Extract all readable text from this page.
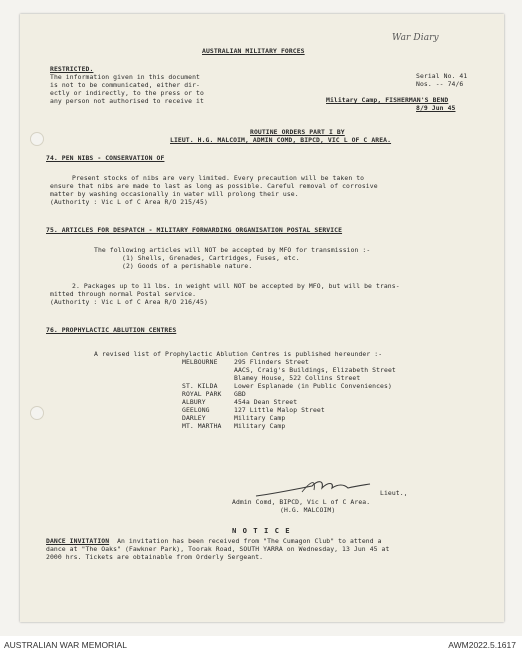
AUSTRALIAN MILITARY FORCES
War Diary
RESTRICTED.
The information given in this document
is not to be communicated, either dir-
ectly or indirectly, to the press or to
any person not authorised to receive it
Serial No. 41
Nos. -- 74/6
Military Camp, FISHERMAN'S BEND
8/9 Jun 45
ROUTINE ORDERS PART I BY
LIEUT. H.G. MALCOIM, ADMIN COMD, BIPCD, VIC L OF C AREA.
74. PEN NIBS - CONSERVATION OF
Present stocks of nibs are very limited. Every precaution will be taken to
ensure that nibs are made to last as long as possible. Careful removal of corrosive
matter by washing occasionally in water will prolong their use.
(Authority : Vic L of C Area R/O 215/45)
75. ARTICLES FOR DESPATCH - MILITARY FORWARDING ORGANISATION POSTAL SERVICE
The following articles will NOT be accepted by MFO for transmission :-
(1) Shells, Grenades, Cartridges, Fuses, etc.
(2) Goods of a perishable nature.
2. Packages up to 11 lbs. in weight will NOT be accepted by MFO, but will be trans-
mitted through normal Postal service.
(Authority : Vic L of C Area R/O 216/45)
76. PROPHYLACTIC ABLUTION CENTRES
A revised list of Prophylactic Ablution Centres is published hereunder :-
MELBOURNE	295 Flinders Street
AACS, Craig's Buildings, Elizabeth Street
Blamey House, 522 Collins Street
ST. KILDA	Lower Esplanade (in Public Conveniences)
ROYAL PARK GBD
ALBURY	454a Dean Street
GEELONG	127 Little Malop Street
DARLEY	Military Camp
MT. MARTHA Military Camp
Lieut.,
Admin Comd, BIPCD, Vic L of C Area.
(H.G. MALCOIM)
N O T I C E
DANCE INVITATION An invitation has been received from "The Cumagon Club" to attend a
dance at "The Oaks" (Fawkner Park), Toorak Road, SOUTH YARRA on Wednesday, 13 Jun 45 at
2000 hrs. Tickets are obtainable from Orderly Sergeant.
AUSTRALIAN WAR MEMORIAL	AWM2022.5.1617
